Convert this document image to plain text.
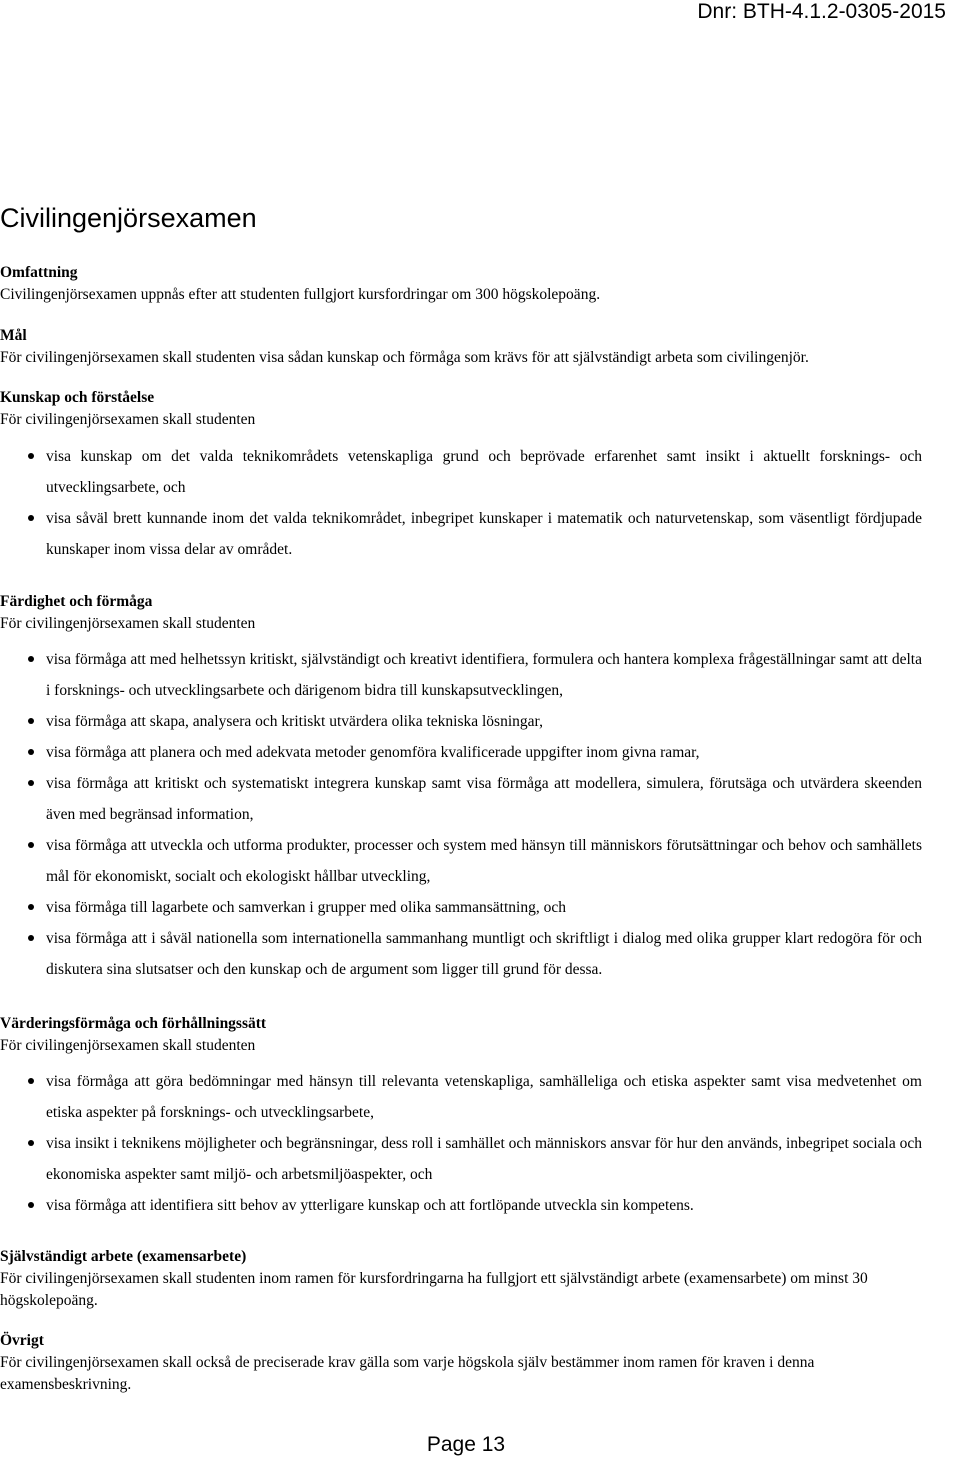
Dnr: BTH-4.1.2-0305-2015
Civilingenjörsexamen
Omfattning
Civilingenjörsexamen uppnås efter att studenten fullgjort kursfordringar om 300 högskolepoäng.
Mål
För civilingenjörsexamen skall studenten visa sådan kunskap och förmåga som krävs för att självständigt arbeta som civilingenjör.
Kunskap och förståelse
För civilingenjörsexamen skall studenten
visa kunskap om det valda teknikområdets vetenskapliga grund och beprövade erfarenhet samt insikt i aktuellt forsknings- och utvecklingsarbete, och
visa såväl brett kunnande inom det valda teknikområdet, inbegripet kunskaper i matematik och naturvetenskap, som väsentligt fördjupade kunskaper inom vissa delar av området.
Färdighet och förmåga
För civilingenjörsexamen skall studenten
visa förmåga att med helhetssyn kritiskt, självständigt och kreativt identifiera, formulera och hantera komplexa frågeställningar samt att delta i forsknings- och utvecklingsarbete och därigenom bidra till kunskapsutvecklingen,
visa förmåga att skapa, analysera och kritiskt utvärdera olika tekniska lösningar,
visa förmåga att planera och med adekvata metoder genomföra kvalificerade uppgifter inom givna ramar,
visa förmåga att kritiskt och systematiskt integrera kunskap samt visa förmåga att modellera, simulera, förutsäga och utvärdera skeenden även med begränsad information,
visa förmåga att utveckla och utforma produkter, processer och system med hänsyn till människors förutsättningar och behov och samhällets mål för ekonomiskt, socialt och ekologiskt hållbar utveckling,
visa förmåga till lagarbete och samverkan i grupper med olika sammansättning, och
visa förmåga att i såväl nationella som internationella sammanhang muntligt och skriftligt i dialog med olika grupper klart redogöra för och diskutera sina slutsatser och den kunskap och de argument som ligger till grund för dessa.
Värderingsförmåga och förhållningssätt
För civilingenjörsexamen skall studenten
visa förmåga att göra bedömningar med hänsyn till relevanta vetenskapliga, samhälleliga och etiska aspekter samt visa medvetenhet om etiska aspekter på forsknings- och utvecklingsarbete,
visa insikt i teknikens möjligheter och begränsningar, dess roll i samhället och människors ansvar för hur den används, inbegripet sociala och ekonomiska aspekter samt miljö- och arbetsmiljöaspekter, och
visa förmåga att identifiera sitt behov av ytterligare kunskap och att fortlöpande utveckla sin kompetens.
Självständigt arbete (examensarbete)
För civilingenjörsexamen skall studenten inom ramen för kursfordringarna ha fullgjort ett självständigt arbete (examensarbete) om minst 30 högskolepoäng.
Övrigt
För civilingenjörsexamen skall också de preciserade krav gälla som varje högskola själv bestämmer inom ramen för kraven i denna examensbeskrivning.
Page 13
